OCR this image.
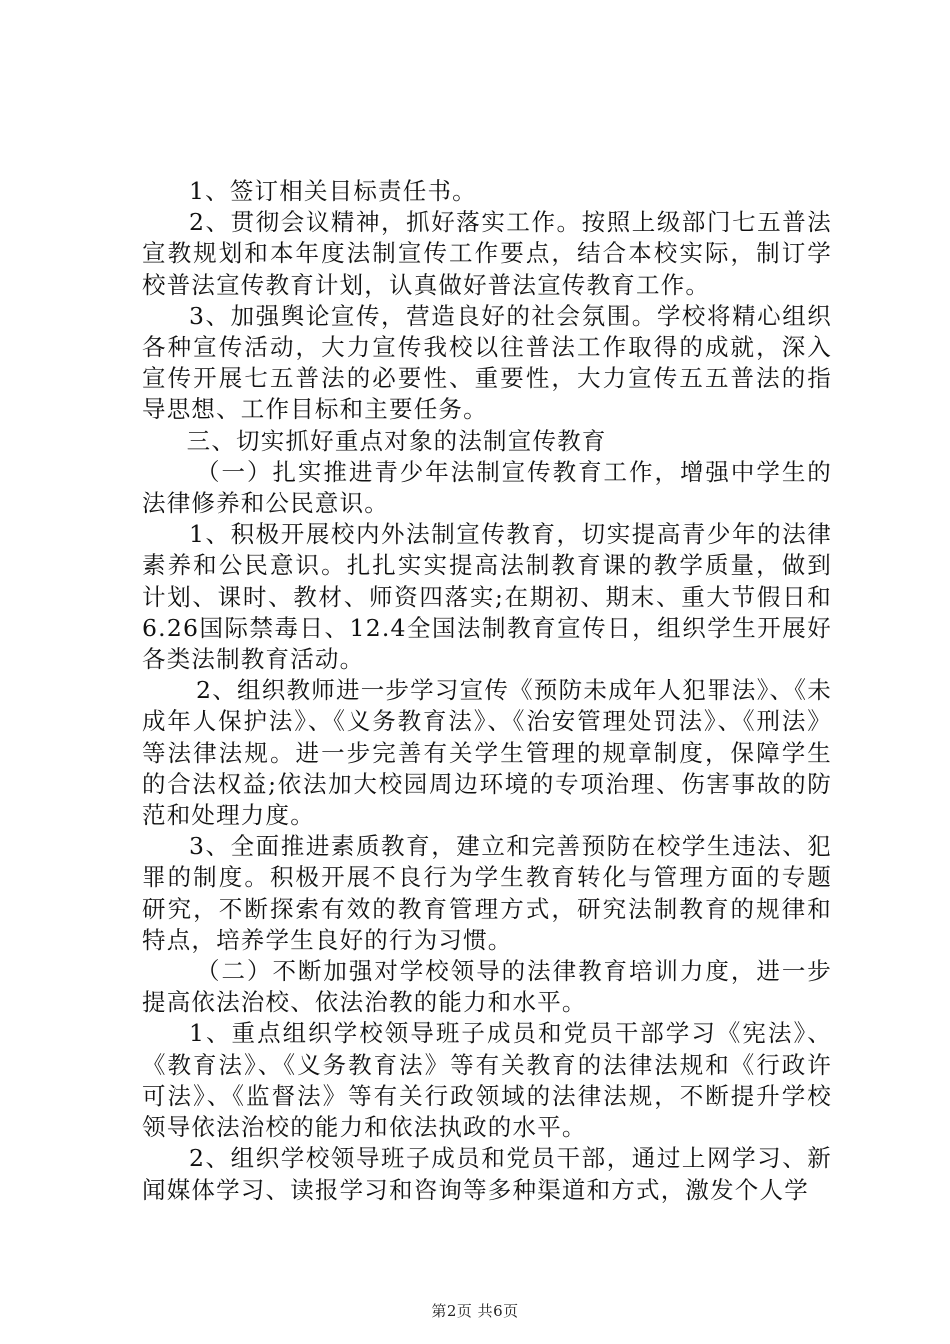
1、签订相关目标责任书。

2、贯彻会议精神，抓好落实工作。按照上级部门七五普法宣教规划和本年度法制宣传工作要点，结合本校实际，制订学校普法宣传教育计划，认真做好普法宣传教育工作。

3、加强舆论宣传，营造良好的社会氛围。学校将精心组织各种宣传活动，大力宣传我校以往普法工作取得的成就，深入宣传开展七五普法的必要性、重要性，大力宣传五五普法的指导思想、工作目标和主要任务。

三、切实抓好重点对象的法制宣传教育

（一）扎实推进青少年法制宣传教育工作，增强中学生的法律修养和公民意识。

1、积极开展校内外法制宣传教育，切实提高青少年的法律素养和公民意识。扎扎实实提高法制教育课的教学质量，做到计划、课时、教材、师资四落实;在期初、期末、重大节假日和6.26国际禁毒日、12.4全国法制教育宣传日，组织学生开展好各类法制教育活动。

2、组织教师进一步学习宣传《预防未成年人犯罪法》、《未成年人保护法》、《义务教育法》、《治安管理处罚法》、《刑法》等法律法规。进一步完善有关学生管理的规章制度，保障学生的合法权益;依法加大校园周边环境的专项治理、伤害事故的防范和处理力度。

3、全面推进素质教育，建立和完善预防在校学生违法、犯罪的制度。积极开展不良行为学生教育转化与管理方面的专题研究，不断探索有效的教育管理方式，研究法制教育的规律和特点，培养学生良好的行为习惯。

（二）不断加强对学校领导的法律教育培训力度，进一步提高依法治校、依法治教的能力和水平。

1、重点组织学校领导班子成员和党员干部学习《宪法》、《教育法》、《义务教育法》等有关教育的法律法规和《行政许可法》、《监督法》等有关行政领域的法律法规，不断提升学校领导依法治校的能力和依法执政的水平。

2、组织学校领导班子成员和党员干部，通过上网学习、新闻媒体学习、读报学习和咨询等多种渠道和方式，激发个人学

第2页 共6页
